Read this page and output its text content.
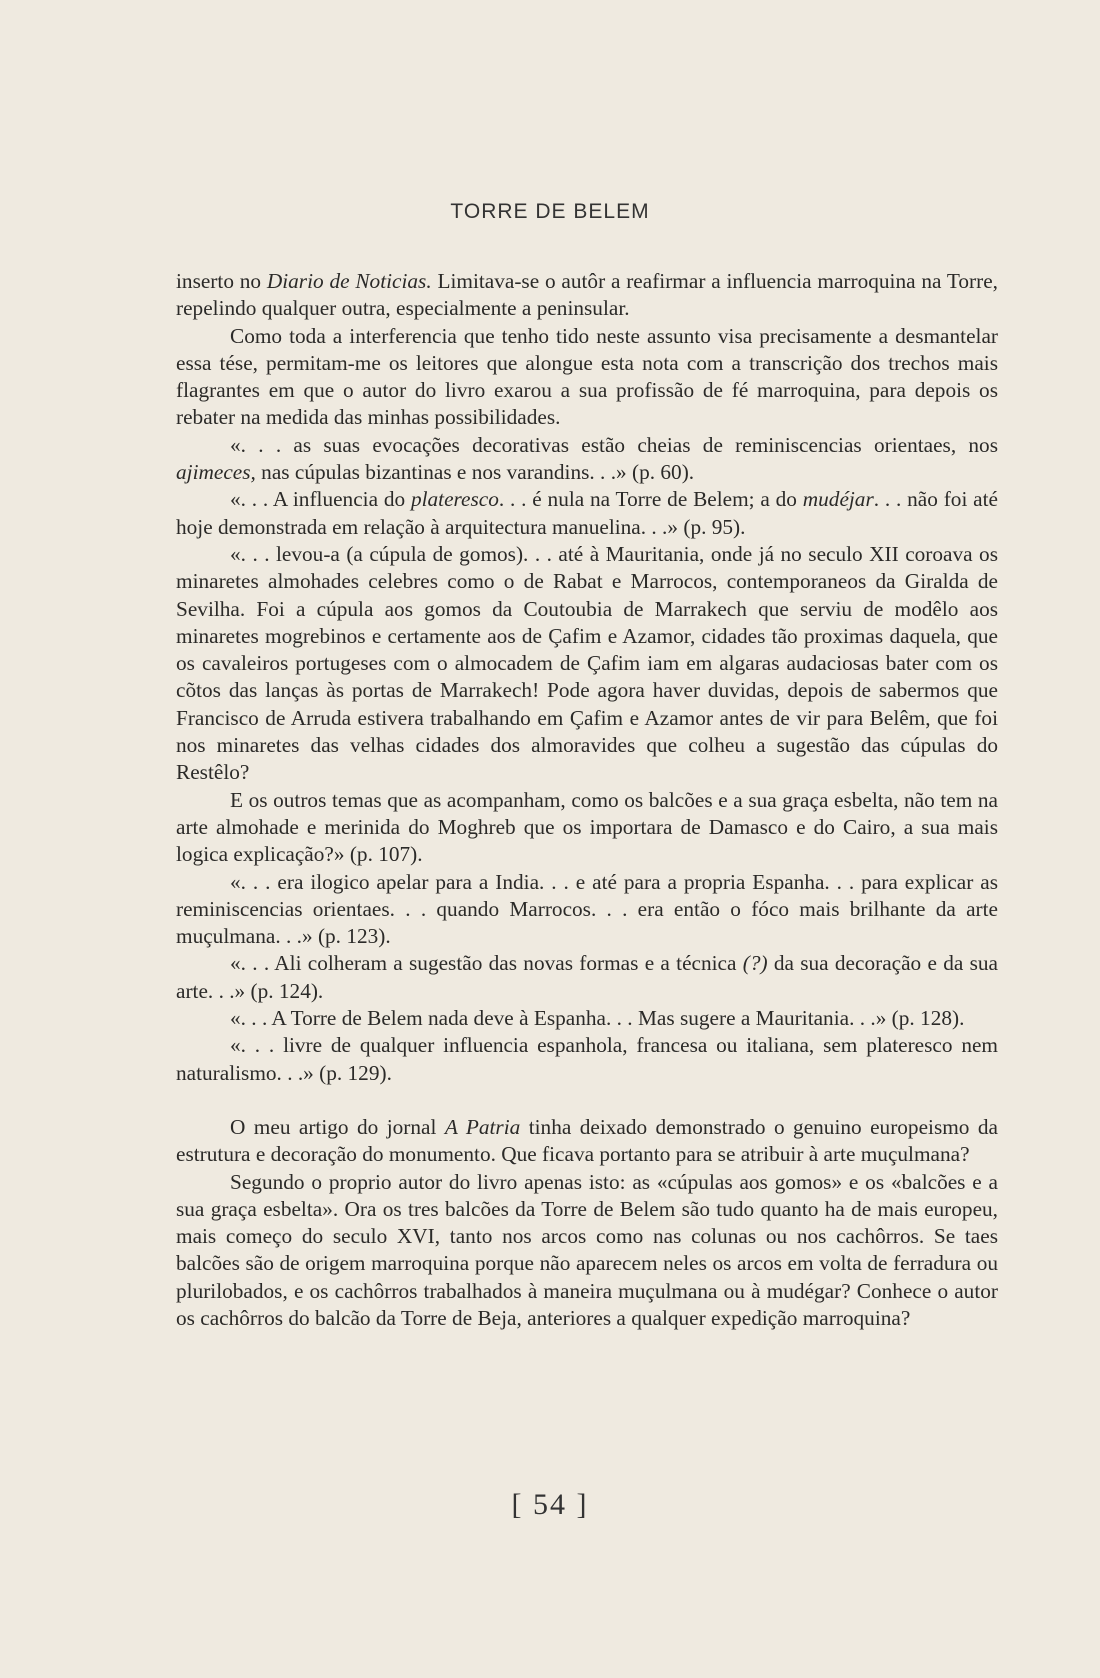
TORRE DE BELEM

inserto no Diario de Noticias. Limitava-se o autôr a reafirmar a influencia marroquina na Torre, repelindo qualquer outra, especialmente a peninsular.

Como toda a interferencia que tenho tido neste assunto visa precisamente a desmantelar essa tése, permitam-me os leitores que alongue esta nota com a transcrição dos trechos mais flagrantes em que o autor do livro exarou a sua profissão de fé marroquina, para depois os rebater na medida das minhas possibilidades.

«. . . as suas evocações decorativas estão cheias de reminiscencias orientaes, nos ajimeces, nas cúpulas bizantinas e nos varandins. . .» (p. 60).

«. . . A influencia do plateresco. . . é nula na Torre de Belem; a do mudéjar. . . não foi até hoje demonstrada em relação à arquitectura manuelina. . .» (p. 95).

«. . . levou-a (a cúpula de gomos). . . até à Mauritania, onde já no seculo XII coroava os minaretes almohades celebres como o de Rabat e Marrocos, contemporaneos da Giralda de Sevilha. Foi a cúpula aos gomos da Coutoubia de Marrakech que serviu de modêlo aos minaretes mogrebinos e certamente aos de Çafim e Azamor, cidades tão proximas daquela, que os cavaleiros portugeses com o almocadem de Çafim iam em algaras audaciosas bater com os cõtos das lanças às portas de Marrakech! Pode agora haver duvidas, depois de sabermos que Francisco de Arruda estivera trabalhando em Çafim e Azamor antes de vir para Belêm, que foi nos minaretes das velhas cidades dos almoravides que colheu a sugestão das cúpulas do Restêlo?

E os outros temas que as acompanham, como os balcões e a sua graça esbelta, não tem na arte almohade e merinida do Moghreb que os importara de Damasco e do Cairo, a sua mais logica explicação?» (p. 107).

«. . . era ilogico apelar para a India. . . e até para a propria Espanha. . . para explicar as reminiscencias orientaes. . . quando Marrocos. . . era então o fóco mais brilhante da arte muçulmana. . .» (p. 123).

«. . . Ali colheram a sugestão das novas formas e a técnica (?) da sua decoração e da sua arte. . .» (p. 124).

«. . . A Torre de Belem nada deve à Espanha. . . Mas sugere a Mauritania. . .» (p. 128).

«. . . livre de qualquer influencia espanhola, francesa ou italiana, sem plateresco nem naturalismo. . .» (p. 129).

O meu artigo do jornal A Patria tinha deixado demonstrado o genuino europeismo da estrutura e decoração do monumento. Que ficava portanto para se atribuir à arte muçulmana?

Segundo o proprio autor do livro apenas isto: as «cúpulas aos gomos» e os «balcões e a sua graça esbelta». Ora os tres balcões da Torre de Belem são tudo quanto ha de mais europeu, mais começo do seculo XVI, tanto nos arcos como nas colunas ou nos cachôrros. Se taes balcões são de origem marroquina porque não aparecem neles os arcos em volta de ferradura ou plurilobados, e os cachôrros trabalhados à maneira muçulmana ou à mudégar? Conhece o autor os cachôrros do balcão da Torre de Beja, anteriores a qualquer expedição marroquina?

[ 54 ]
